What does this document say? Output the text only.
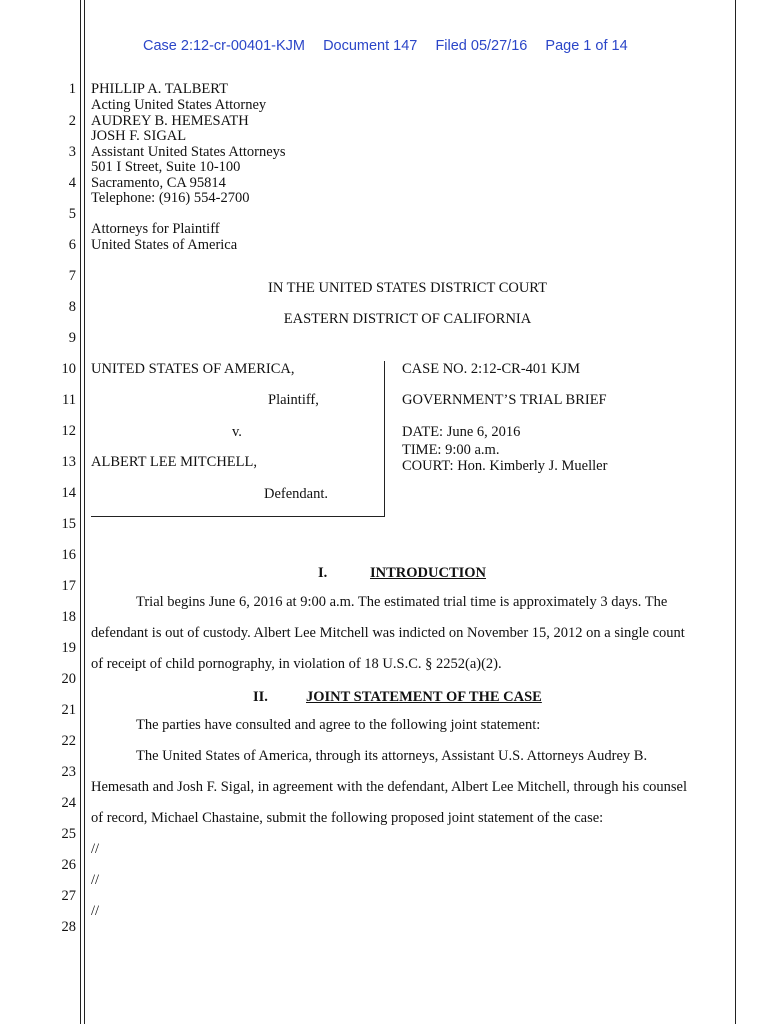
Case 2:12-cr-00401-KJM Document 147 Filed 05/27/16 Page 1 of 14
1
2
3
4
5
6
7
8
9
10
11
12
13
14
15
16
17
18
19
20
21
22
23
24
25
26
27
28
PHILLIP A. TALBERT
Acting United States Attorney
AUDREY B. HEMESATH
JOSH F. SIGAL
Assistant United States Attorneys
501 I Street, Suite 10-100
Sacramento, CA 95814
Telephone: (916) 554-2700
Attorneys for Plaintiff
United States of America
IN THE UNITED STATES DISTRICT COURT
EASTERN DISTRICT OF CALIFORNIA
UNITED STATES OF AMERICA,
Plaintiff,
v.
ALBERT LEE MITCHELL,
Defendant.
CASE NO. 2:12-CR-401 KJM
GOVERNMENT’S TRIAL BRIEF
DATE: June 6, 2016
TIME: 9:00 a.m.
COURT: Hon. Kimberly J. Mueller
I.	INTRODUCTION
Trial begins June 6, 2016 at 9:00 a.m. The estimated trial time is approximately 3 days. The
defendant is out of custody. Albert Lee Mitchell was indicted on November 15, 2012 on a single count
of receipt of child pornography, in violation of 18 U.S.C. § 2252(a)(2).
II.	JOINT STATEMENT OF THE CASE
The parties have consulted and agree to the following joint statement:
The United States of America, through its attorneys, Assistant U.S. Attorneys Audrey B.
Hemesath and Josh F. Sigal, in agreement with the defendant, Albert Lee Mitchell, through his counsel
of record, Michael Chastaine, submit the following proposed joint statement of the case:
//
//
//
